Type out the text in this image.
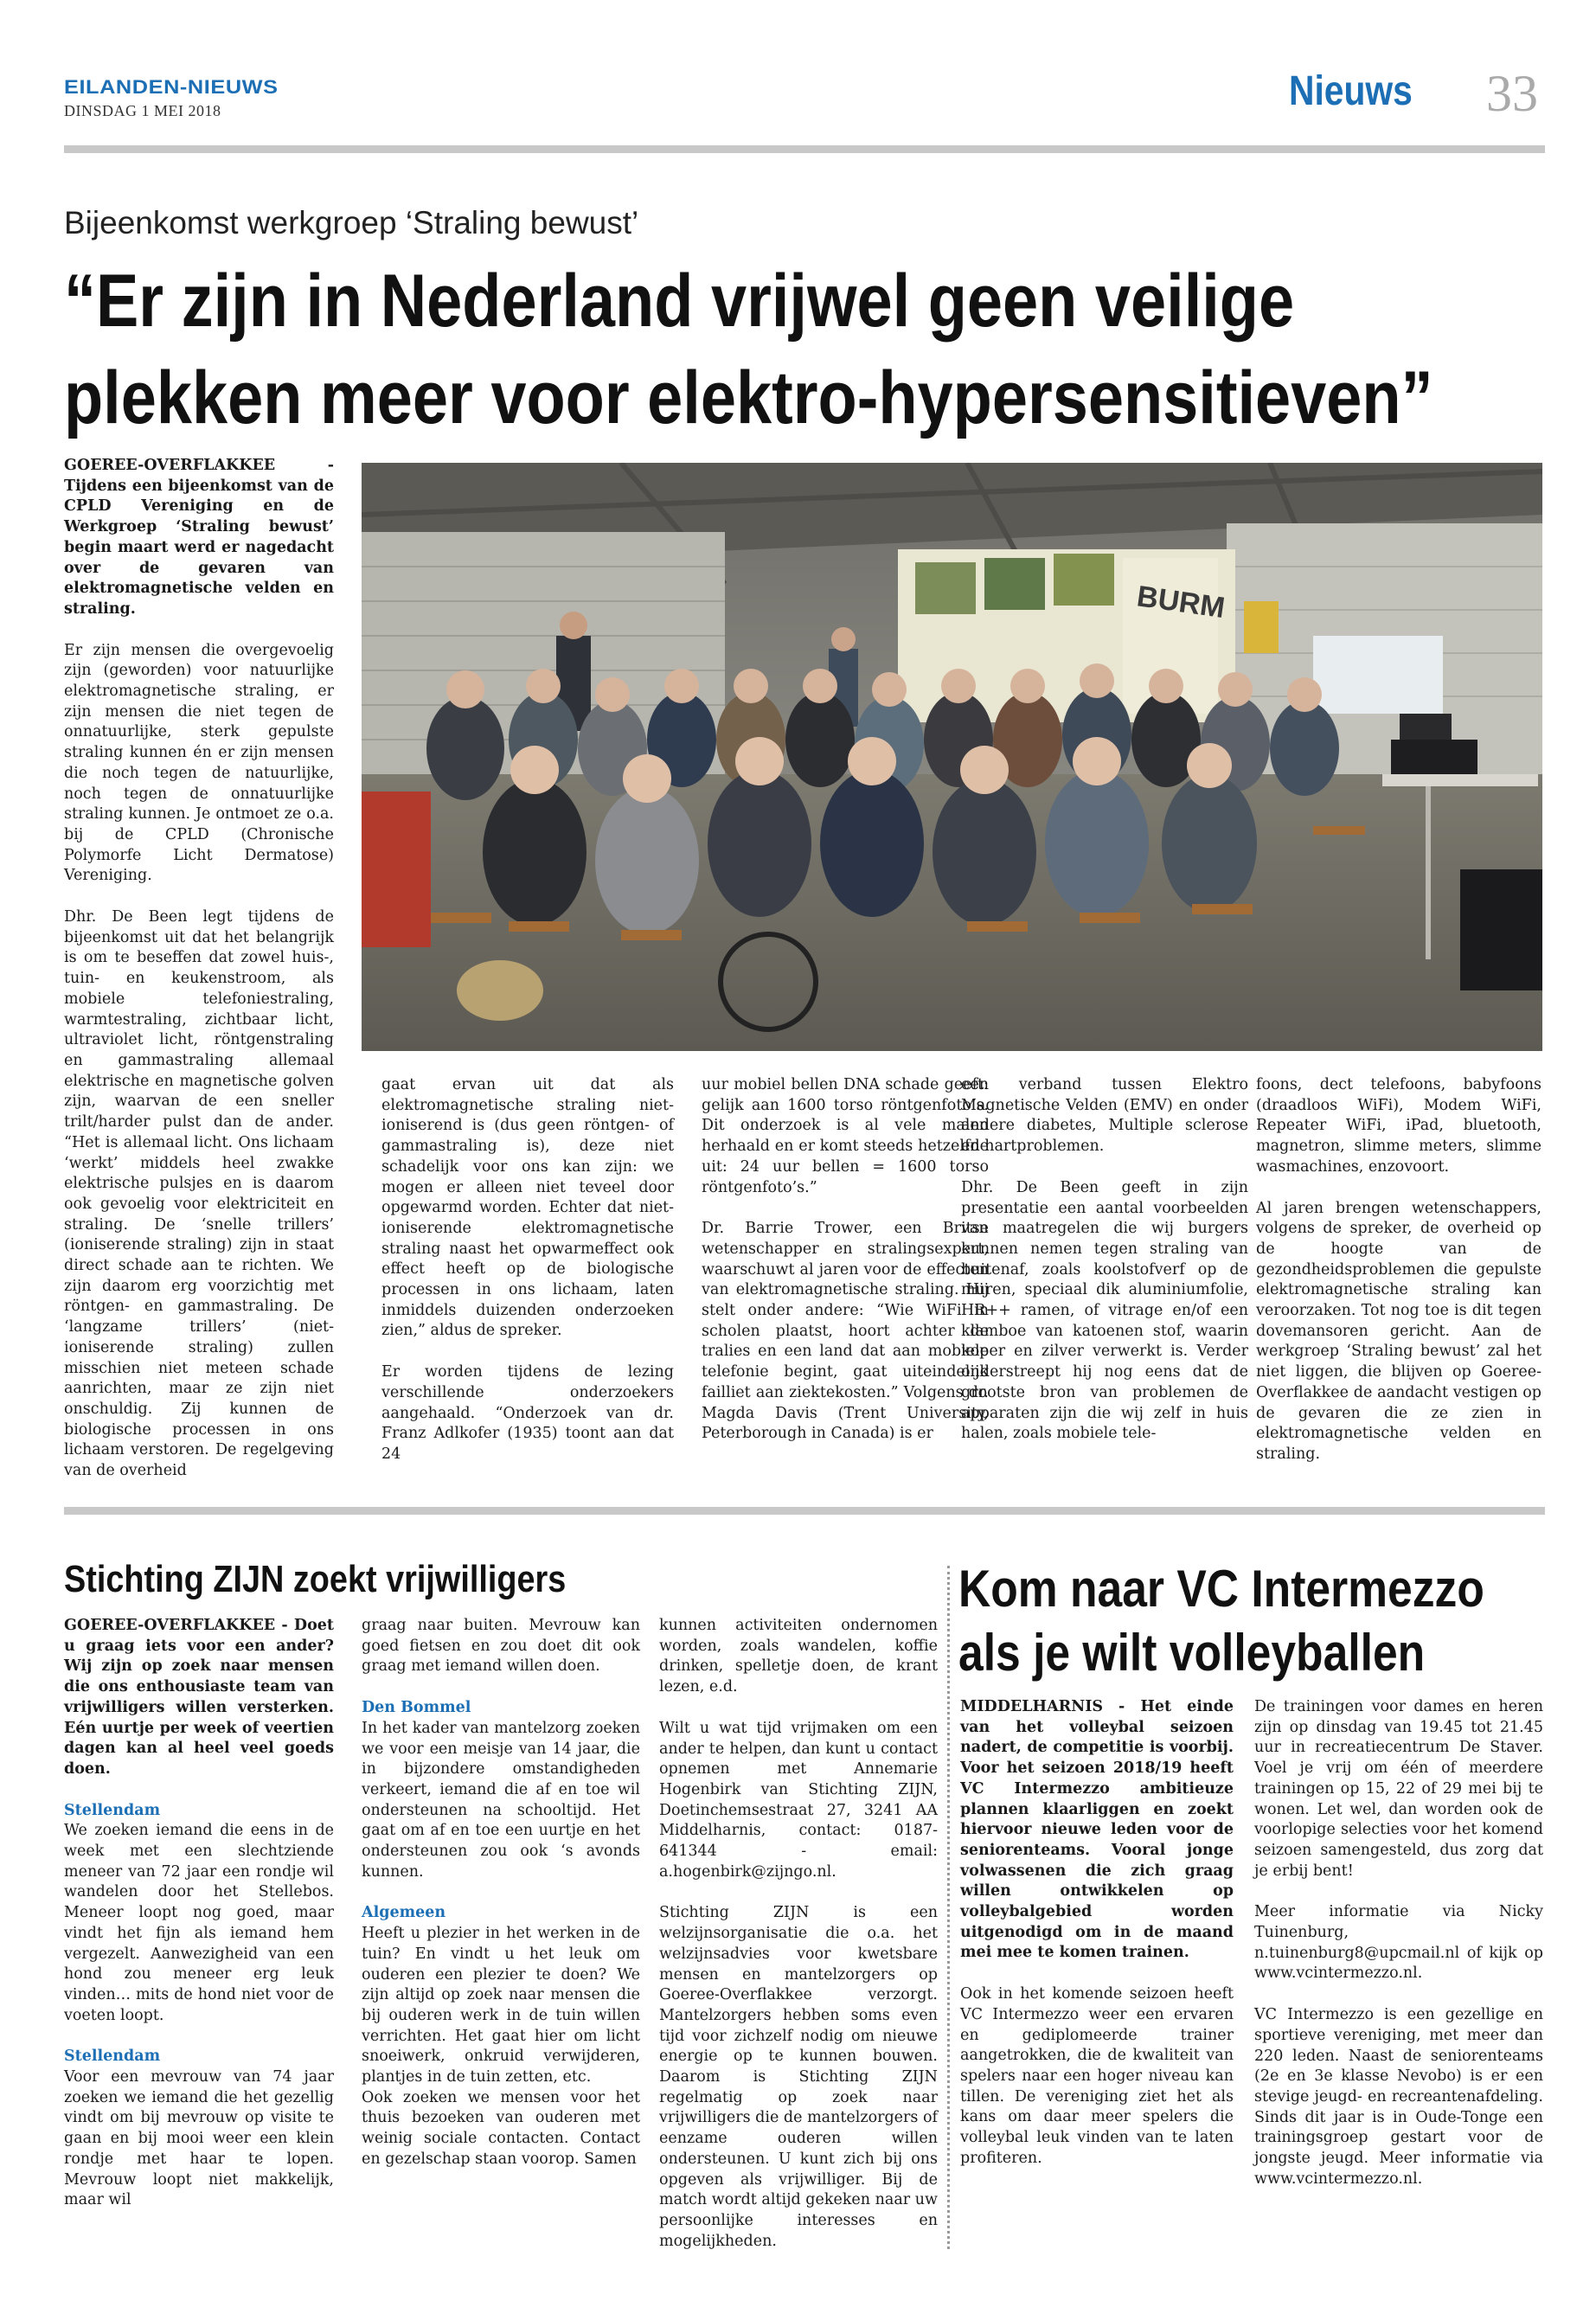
EILANDEN-NIEUWS
DINSDAG 1 MEI 2018	Nieuws 33
Bijeenkomst werkgroep ‘Straling bewust’
“Er zijn in Nederland vrijwel geen veilige
plekken meer voor elektro-hypersensitieven”

GOEREE-OVERFLAKKEE - Tijdens een bijeenkomst van de CPLD Vereniging en de Werkgroep ‘Straling bewust’ begin maart werd er nagedacht over de gevaren van elektromagnetische velden en straling.

Er zijn mensen die overgevoelig zijn (geworden) voor natuurlijke elektromagnetische straling, er zijn mensen die niet tegen de onnatuurlijke, sterk gepulste straling kunnen én er zijn mensen die noch tegen de natuurlijke, noch tegen de onnatuurlijke straling kunnen. Je ontmoet ze o.a. bij de CPLD (Chronische Polymorfe Licht Dermatose) Vereniging.

Dhr. De Been legt tijdens de bijeenkomst uit dat het belangrijk is om te beseffen dat zowel huis-, tuin- en keukenstroom, als mobiele telefoniestraling, warmtestraling, zichtbaar licht, ultraviolet licht, röntgenstraling en gammastraling allemaal elektrische en magnetische golven zijn, waarvan de een sneller trilt/harder pulst dan de ander. “Het is allemaal licht. Ons lichaam ‘werkt’ middels heel zwakke elektrische pulsjes en is daarom ook gevoelig voor elektriciteit en straling. De ‘snelle trillers’ (ioniserende straling) zijn in staat direct schade aan te richten. We zijn daarom erg voorzichtig met röntgen- en gammastraling. De ‘langzame trillers’ (niet-ioniserende straling) zullen misschien niet meteen schade aanrichten, maar ze zijn niet onschuldig. Zij kunnen de biologische processen in ons lichaam verstoren. De regelgeving van de overheid

BURM

gaat ervan uit dat als elektromagnetische straling niet-ioniserend is (dus geen röntgen- of gammastraling is), deze niet schadelijk voor ons kan zijn: we mogen er alleen niet teveel door opgewarmd worden. Echter dat niet-ioniserende elektromagnetische straling naast het opwarmeffect ook effect heeft op de biologische processen in ons lichaam, laten inmiddels duizenden onderzoeken zien,” aldus de spreker.

Er worden tijdens de lezing verschillende onderzoekers aangehaald. “Onderzoek van dr. Franz Adlkofer (1935) toont aan dat 24

uur mobiel bellen DNA schade geeft: gelijk aan 1600 torso röntgenfoto’s. Dit onderzoek is al vele malen herhaald en er komt steeds hetzelfde uit: 24 uur bellen = 1600 torso röntgenfoto’s.”

Dr. Barrie Trower, een Britse wetenschapper en stralingsexpert, waarschuwt al jaren voor de effecten van elektromagnetische straling. Hij stelt onder andere: “Wie WiFi in scholen plaatst, hoort achter de tralies en een land dat aan mobiele telefonie begint, gaat uiteindelijk failliet aan ziektekosten.” Volgens dr. Magda Davis (Trent University, Peterborough in Canada) is er

een verband tussen Elektro Magnetische Velden (EMV) en onder andere diabetes, Multiple sclerose en hartproblemen.

Dhr. De Been geeft in zijn presentatie een aantal voorbeelden van maatregelen die wij burgers kunnen nemen tegen straling van buitenaf, zoals koolstofverf op de muren, speciaal dik aluminiumfolie, HR++ ramen, of vitrage en/of een klamboe van katoenen stof, waarin koper en zilver verwerkt is. Verder onderstreept hij nog eens dat de grootste bron van problemen de apparaten zijn die wij zelf in huis halen, zoals mobiele tele-

foons, dect telefoons, babyfoons (draadloos WiFi), Modem WiFi, Repeater WiFi, iPad, bluetooth, magnetron, slimme meters, slimme wasmachines, enzovoort.

Al jaren brengen wetenschappers, volgens de spreker, de overheid op de hoogte van de gezondheidsproblemen die gepulste elektromagnetische straling kan veroorzaken. Tot nog toe is dit tegen dovemansoren gericht. Aan de werkgroep ‘Straling bewust’ zal het niet liggen, die blijven op Goeree-Overflakkee de aandacht vestigen op de gevaren die ze zien in elektromagnetische velden en straling.

Stichting ZIJN zoekt vrijwilligers

GOEREE-OVERFLAKKEE - Doet u graag iets voor een ander? Wij zijn op zoek naar mensen die ons enthousiaste team van vrijwilligers willen versterken. Eén uurtje per week of veertien dagen kan al heel veel goeds doen.

Stellendam

We zoeken iemand die eens in de week met een slechtziende meneer van 72 jaar een rondje wil wandelen door het Stellebos. Meneer loopt nog goed, maar vindt het fijn als iemand hem vergezelt. Aanwezigheid van een hond zou meneer erg leuk vinden… mits de hond niet voor de voeten loopt.

Stellendam

Voor een mevrouw van 74 jaar zoeken we iemand die het gezellig vindt om bij mevrouw op visite te gaan en bij mooi weer een klein rondje met haar te lopen. Mevrouw loopt niet makkelijk, maar wil

graag naar buiten. Mevrouw kan goed fietsen en zou doet dit ook graag met iemand willen doen.

Den Bommel

In het kader van mantelzorg zoeken we voor een meisje van 14 jaar, die in bijzondere omstandigheden verkeert, iemand die af en toe wil ondersteunen na schooltijd. Het gaat om af en toe een uurtje en het ondersteunen zou ook ‘s avonds kunnen.

Algemeen

Heeft u plezier in het werken in de tuin? En vindt u het leuk om ouderen een plezier te doen? We zijn altijd op zoek naar mensen die bij ouderen werk in de tuin willen verrichten. Het gaat hier om licht snoeiwerk, onkruid verwijderen, plantjes in de tuin zetten, etc.

Ook zoeken we mensen voor het thuis bezoeken van ouderen met weinig sociale contacten. Contact en gezelschap staan voorop. Samen

kunnen activiteiten ondernomen worden, zoals wandelen, koffie drinken, spelletje doen, de krant lezen, e.d.

Wilt u wat tijd vrijmaken om een ander te helpen, dan kunt u contact opnemen met Annemarie Hogenbirk van Stichting ZIJN, Doetinchemsestraat 27, 3241 AA Middelharnis, contact: 0187-641344 - email: a.hogenbirk@zijngo.nl.

Stichting ZIJN is een welzijnsorganisatie die o.a. het welzijnsadvies voor kwetsbare mensen en mantelzorgers op Goeree-Overflakkee verzorgt. Mantelzorgers hebben soms even tijd voor zichzelf nodig om nieuwe energie op te kunnen bouwen. Daarom is Stichting ZIJN regelmatig op zoek naar vrijwilligers die de mantelzorgers of eenzame ouderen willen ondersteunen. U kunt zich bij ons opgeven als vrijwilliger. Bij de match wordt altijd gekeken naar uw persoonlijke interesses en mogelijkheden.

Kom naar VC Intermezzo
als je wilt volleyballen

MIDDELHARNIS - Het einde van het volleybal seizoen nadert, de competitie is voorbij. Voor het seizoen 2018/19 heeft VC Intermezzo ambitieuze plannen klaarliggen en zoekt hiervoor nieuwe leden voor de seniorenteams. Vooral jonge volwassenen die zich graag willen ontwikkelen op volleybalgebied worden uitgenodigd om in de maand mei mee te komen trainen.

Ook in het komende seizoen heeft VC Intermezzo weer een ervaren en gediplomeerde trainer aangetrokken, die de kwaliteit van spelers naar een hoger niveau kan tillen. De vereniging ziet het als kans om daar meer spelers die volleybal leuk vinden van te laten profiteren.

De trainingen voor dames en heren zijn op dinsdag van 19.45 tot 21.45 uur in recreatiecentrum De Staver. Voel je vrij om één of meerdere trainingen op 15, 22 of 29 mei bij te wonen. Let wel, dan worden ook de voorlopige selecties voor het komend seizoen samengesteld, dus zorg dat je erbij bent!

Meer informatie via Nicky Tuinenburg, n.tuinenburg8@upcmail.nl of kijk op www.vcintermezzo.nl.

VC Intermezzo is een gezellige en sportieve vereniging, met meer dan 220 leden. Naast de seniorenteams (2e en 3e klasse Nevobo) is er een stevige jeugd- en recreantenafdeling. Sinds dit jaar is in Oude-Tonge een trainingsgroep gestart voor de jongste jeugd. Meer informatie via www.vcintermezzo.nl.
